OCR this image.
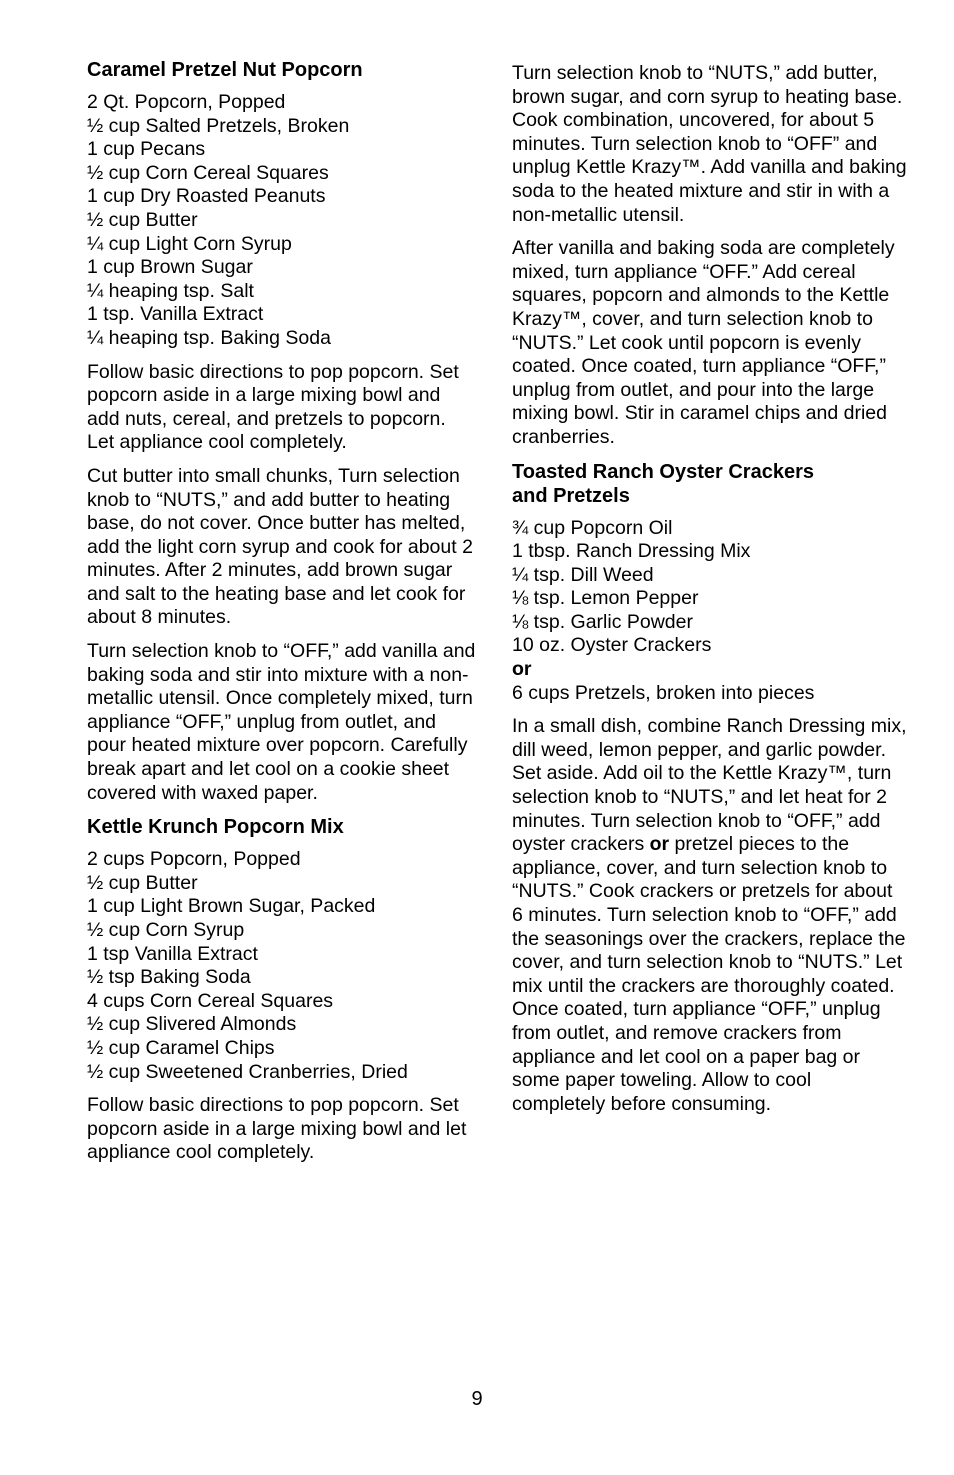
Caramel Pretzel Nut Popcorn
2 Qt. Popcorn, Popped
½ cup Salted Pretzels, Broken
1 cup Pecans
½ cup Corn Cereal Squares
1 cup Dry Roasted Peanuts
½ cup Butter
¼ cup Light Corn Syrup
1 cup Brown Sugar
¼ heaping tsp. Salt
1 tsp. Vanilla Extract
¼ heaping tsp. Baking Soda

Follow basic directions to pop popcorn. Set popcorn aside in a large mixing bowl and add nuts, cereal, and pretzels to popcorn. Let appliance cool completely.

Cut butter into small chunks, Turn selection knob to “NUTS,” and add butter to heating base, do not cover. Once butter has melted, add the light corn syrup and cook for about 2 minutes. After 2 minutes, add brown sugar and salt to the heating base and let cook for about 8 minutes.

Turn selection knob to “OFF,” add vanilla and baking soda and stir into mixture with a non-metallic utensil. Once completely mixed, turn appliance “OFF,” unplug from outlet, and pour heated mixture over popcorn. Carefully break apart and let cool on a cookie sheet covered with waxed paper.

Kettle Krunch Popcorn Mix
2 cups Popcorn, Popped
½ cup Butter
1 cup Light Brown Sugar, Packed
½ cup Corn Syrup
1 tsp Vanilla Extract
½ tsp Baking Soda
4 cups Corn Cereal Squares
½ cup Slivered Almonds
½ cup Caramel Chips
½ cup Sweetened Cranberries, Dried

Follow basic directions to pop popcorn. Set popcorn aside in a large mixing bowl and let appliance cool completely.

Turn selection knob to “NUTS,” add butter, brown sugar, and corn syrup to heating base. Cook combination, uncovered, for about 5 minutes. Turn selection knob to “OFF” and unplug Kettle Krazy™. Add vanilla and baking soda to the heated mixture and stir in with a non-metallic utensil.

After vanilla and baking soda are completely mixed, turn appliance “OFF.” Add cereal squares, popcorn and almonds to the Kettle Krazy™, cover, and turn selection knob to “NUTS.” Let cook until popcorn is evenly coated. Once coated, turn appliance “OFF,” unplug from outlet, and pour into the large mixing bowl. Stir in caramel chips and dried cranberries.

Toasted Ranch Oyster Crackers
and Pretzels
¾ cup Popcorn Oil
1 tbsp. Ranch Dressing Mix
¼ tsp. Dill Weed
⅛ tsp. Lemon Pepper
⅛ tsp. Garlic Powder
10 oz. Oyster Crackers
or
6 cups Pretzels, broken into pieces

In a small dish, combine Ranch Dressing mix, dill weed, lemon pepper, and garlic powder. Set aside. Add oil to the Kettle Krazy™, turn selection knob to “NUTS,” and let heat for 2 minutes. Turn selection knob to “OFF,” add oyster crackers or pretzel pieces to the appliance, cover, and turn selection knob to “NUTS.” Cook crackers or pretzels for about 6 minutes. Turn selection knob to “OFF,” add the seasonings over the crackers, replace the cover, and turn selection knob to “NUTS.” Let mix until the crackers are thoroughly coated. Once coated, turn appliance “OFF,” unplug from outlet, and remove crackers from appliance and let cool on a paper bag or some paper toweling. Allow to cool completely before consuming.

9
